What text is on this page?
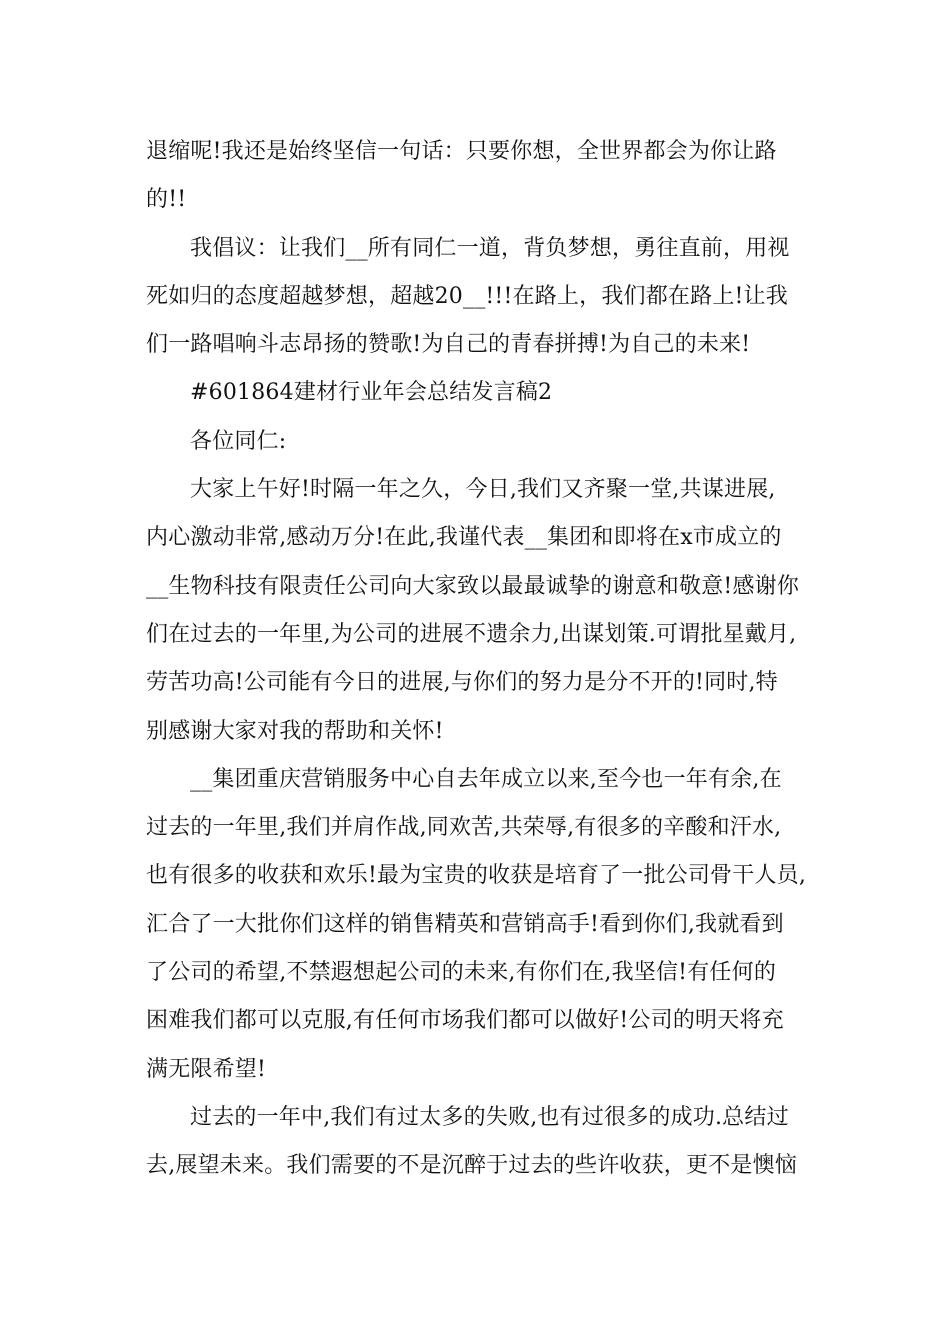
退缩呢!我还是始终坚信一句话：只要你想，全世界都会为你让路
的!!
我倡议：让我们__所有同仁一道，背负梦想，勇往直前，用视
死如归的态度超越梦想，超越20__!!!在路上，我们都在路上!让我
们一路唱响斗志昂扬的赞歌!为自己的青春拼搏!为自己的未来!
#601864建材行业年会总结发言稿2
各位同仁:
大家上午好!时隔一年之久，今日,我们又齐聚一堂,共谋进展,
内心激动非常,感动万分!在此,我谨代表__集团和即将在x市成立的
__生物科技有限责任公司向大家致以最最诚挚的谢意和敬意!感谢你
们在过去的一年里,为公司的进展不遗余力,出谋划策.可谓批星戴月,
劳苦功高!公司能有今日的进展,与你们的努力是分不开的!同时,特
别感谢大家对我的帮助和关怀!
__集团重庆营销服务中心自去年成立以来,至今也一年有余,在
过去的一年里,我们并肩作战,同欢苦,共荣辱,有很多的辛酸和汗水,
也有很多的收获和欢乐!最为宝贵的收获是培育了一批公司骨干人员,
汇合了一大批你们这样的销售精英和营销高手!看到你们,我就看到
了公司的希望,不禁遐想起公司的未来,有你们在,我坚信!有任何的
困难我们都可以克服,有任何市场我们都可以做好!公司的明天将充
满无限希望!
过去的一年中,我们有过太多的失败,也有过很多的成功.总结过
去,展望未来。我们需要的不是沉醉于过去的些许收获，更不是懊恼
